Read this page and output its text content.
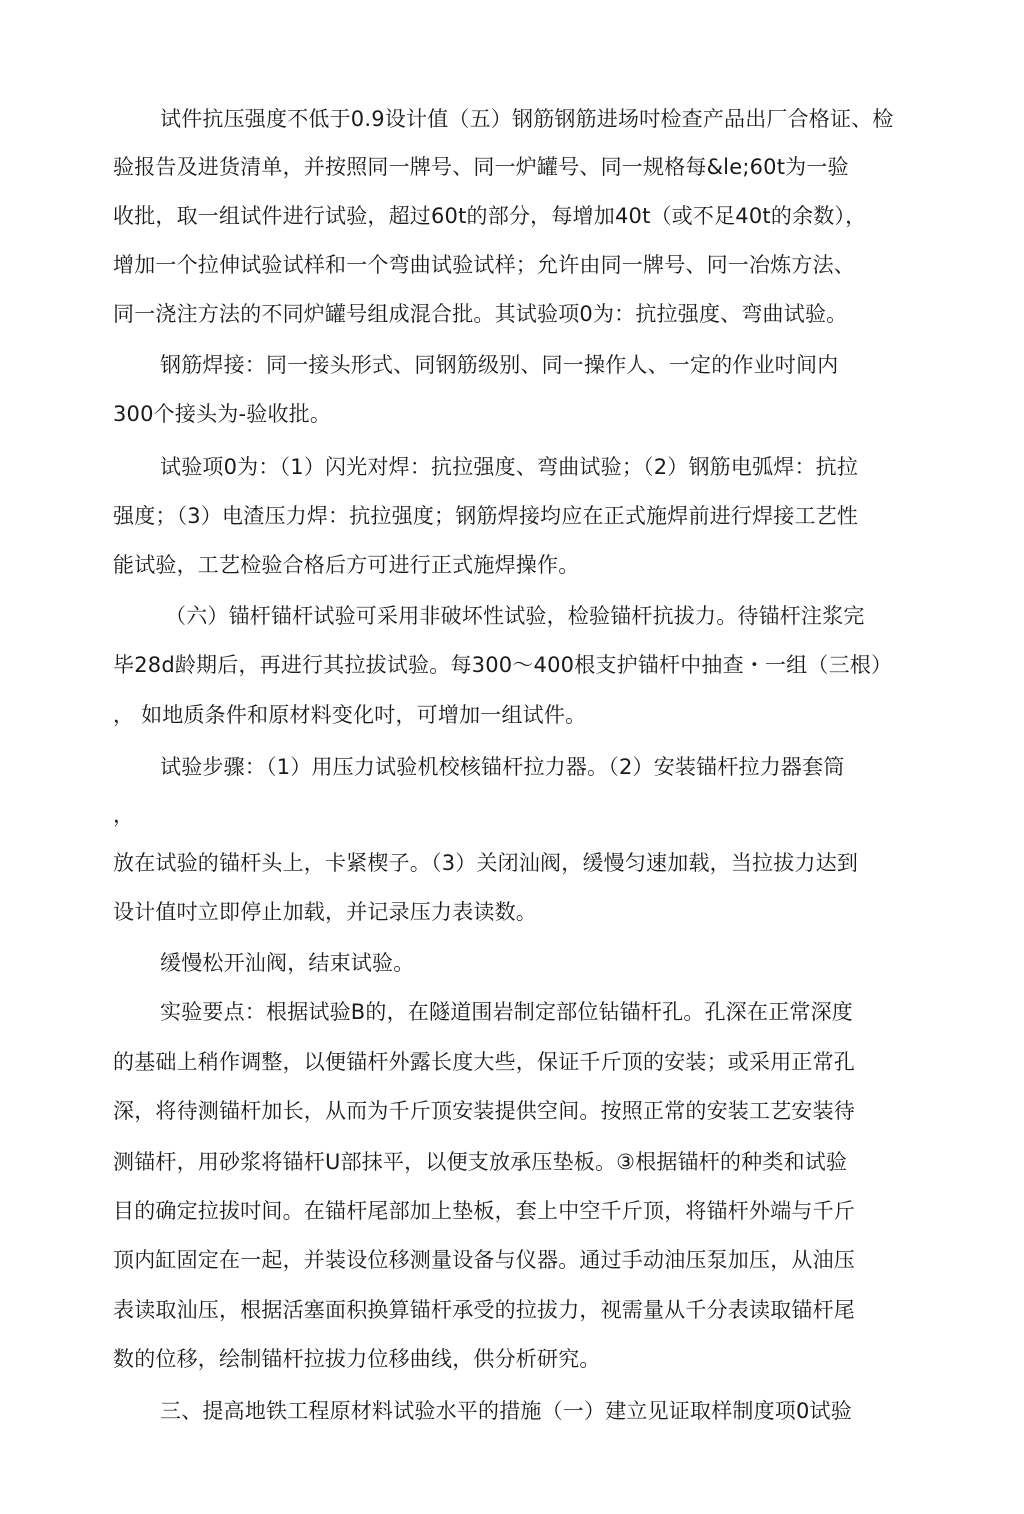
试件抗压强度不低于0.9设计值（五）钢筋钢筋进场吋检查产品出厂合格证、检
验报告及进货清单，并按照同一牌号、同一炉罐号、同一规格每&le;60t为一验
收批，取一组试件进行试验，超过60t的部分，每增加40t（或不足40t的余数），
增加一个拉伸试验试样和一个弯曲试验试样；允许由同一牌号、冋一冶炼方法、
同一浇注方法的不同炉罐号组成混合批。其试验项0为：抗拉强度、弯曲试验。
钢筋焊接：同一接头形式、同钢筋级别、同一操作人、一定的作业吋间内
300个接头为-验收批。
试验项0为：（1）闪光对焊：抗拉强度、弯曲试验；（2）钢筋电弧焊：抗拉
强度；（3）电渣压力焊：抗拉强度；钢筋焊接均应在正式施焊前进行焊接工艺性
能试验，工艺检验合格后方可进行正式施焊操作。
（六）锚杆锚杆试验可采用非破坏性试验，检验锚杆抗拔力。待锚杆注浆完
毕28d龄期后，再进行其拉拔试验。每300～400根支护锚杆中抽查・一组（三根）
， 如地质条件和原材料变化吋，可增加一组试件。
试验步骤：（1）用压力试验机校核锚杆拉力器。（2）安装锚杆拉力器套筒
，
放在试验的锚杆头上，卡紧楔子。（3）关闭汕阀，缓慢匀速加载，当拉拔力达到
设计值吋立即停止加载，并记录压力表读数。
缓慢松开汕阀，结束试验。
实验要点：根据试验B的，在隧道围岩制定部位钻锚杆孔。孔深在正常深度
的基础上稍作调整，以便锚杆外露长度大些，保证千斤顶的安装；或采用正常孔
深，将待测锚杆加长，从而为千斤顶安装提供空间。按照正常的安装工艺安装待
测锚杆，用砂浆将锚杆U部抹平，以便支放承压垫板。③根据锚杆的种类和试验
目的确定拉拔吋间。在锚杆尾部加上垫板，套上中空千斤顶，将锚杆外端与千斤
顶内缸固定在一起，并装设位移测量设备与仪器。通过手动油压泵加压，从油压
表读取汕压，根据活塞面积换算锚杆承受的拉拔力，视需量从千分表读取锚杆尾
数的位移，绘制锚杆拉拔力位移曲线，供分析研究。
三、提高地铁工程原材料试验水平的措施（一）建立见证取样制度项0试验
